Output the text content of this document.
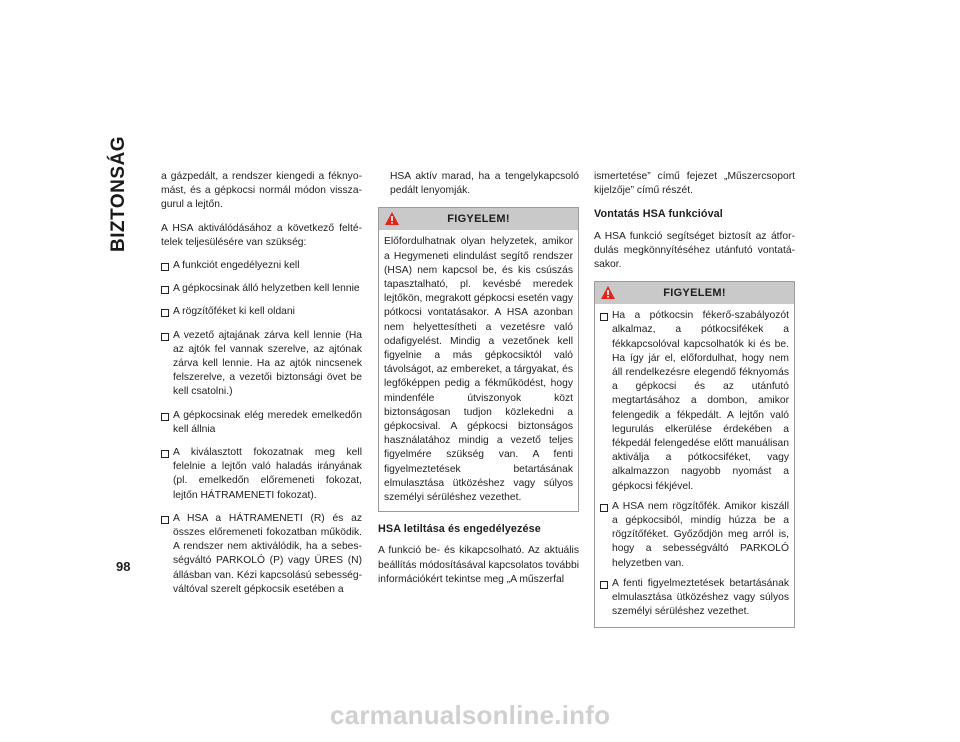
BIZTONSÁG
98

a gázpedált, a rendszer kiengedi a féknyomást, és a gépkocsi normál módon visszagurul a lejtőn.

A HSA aktiválódásához a következő feltételek teljesülésére van szükség:

A funkciót engedélyezni kell
A gépkocsinak álló helyzetben kell lennie
A rögzítőféket ki kell oldani
A vezető ajtajának zárva kell lennie (Ha az ajtók fel vannak szerelve, az ajtónak zárva kell lennie. Ha az ajtók nincsenek felszerelve, a vezetői biztonsági övet be kell csatolni.)
A gépkocsinak elég meredek emelkedőn kell állnia
A kiválasztott fokozatnak meg kell felelnie a lejtőn való haladás irányának (pl. emelkedőn előremeneti fokozat, lejtőn HÁTRAMENETI fokozat).
A HSA a HÁTRAMENETI (R) és az összes előremeneti fokozatban működik. A rendszer nem aktiválódik, ha a sebességváltó PARKOLÓ (P) vagy ÜRES (N) állásban van. Kézi kapcsolású sebességváltóval szerelt gépkocsik esetében a

HSA aktív marad, ha a tengelykapcsoló pedált lenyomják.

FIGYELEM!

Előfordulhatnak olyan helyzetek, amikor a Hegymeneti elindulást segítő rendszer (HSA) nem kapcsol be, és kis csúszás tapasztalható, pl. kevésbé meredek lejtőkön, megrakott gépkocsi esetén vagy pótkocsi vontatásakor. A HSA azonban nem helyettesítheti a vezetésre való odafigyelést. Mindig a vezetőnek kell figyelnie a más gépkocsiktól való távolságot, az embereket, a tárgyakat, és legfőképpen pedig a fékműködést, hogy mindenféle útviszonyok közt biztonságosan tudjon közlekedni a gépkocsival. A gépkocsi biztonságos használatához mindig a vezető teljes figyelmére szükség van. A fenti figyelmeztetések betartásának elmulasztása ütközéshez vagy súlyos személyi sérüléshez vezethet.

HSA letiltása és engedélyezése

A funkció be- és kikapcsolható. Az aktuális beállítás módosításával kapcsolatos további információkért tekintse meg „A műszerfal

ismertetése” című fejezet „Műszercsoport kijelzője” című részét.

Vontatás HSA funkcióval

A HSA funkció segítséget biztosít az átfordulás megkönnyítéséhez utánfutó vontatásakor.

FIGYELEM!
Ha a pótkocsin fékerő-szabályozót alkalmaz, a pótkocsifékek a fékkapcsolóval kapcsolhatók ki és be. Ha így jár el, előfordulhat, hogy nem áll rendelkezésre elegendő féknyomás a gépkocsi és az utánfutó megtartásához a dombon, amikor felengedik a fékpedált. A lejtőn való legurulás elkerülése érdekében a fékpedál felengedése előtt manuálisan aktiválja a pótkocsiféket, vagy alkalmazzon nagyobb nyomást a gépkocsi fékjével.
A HSA nem rögzítőfék. Amikor kiszáll a gépkocsiból, mindig húzza be a rögzítőféket. Győződjön meg arról is, hogy a sebességváltó PARKOLÓ helyzetben van.
A fenti figyelmeztetések betartásának elmulasztása ütközéshez vagy súlyos személyi sérüléshez vezethet.
carmanualsonline.info
